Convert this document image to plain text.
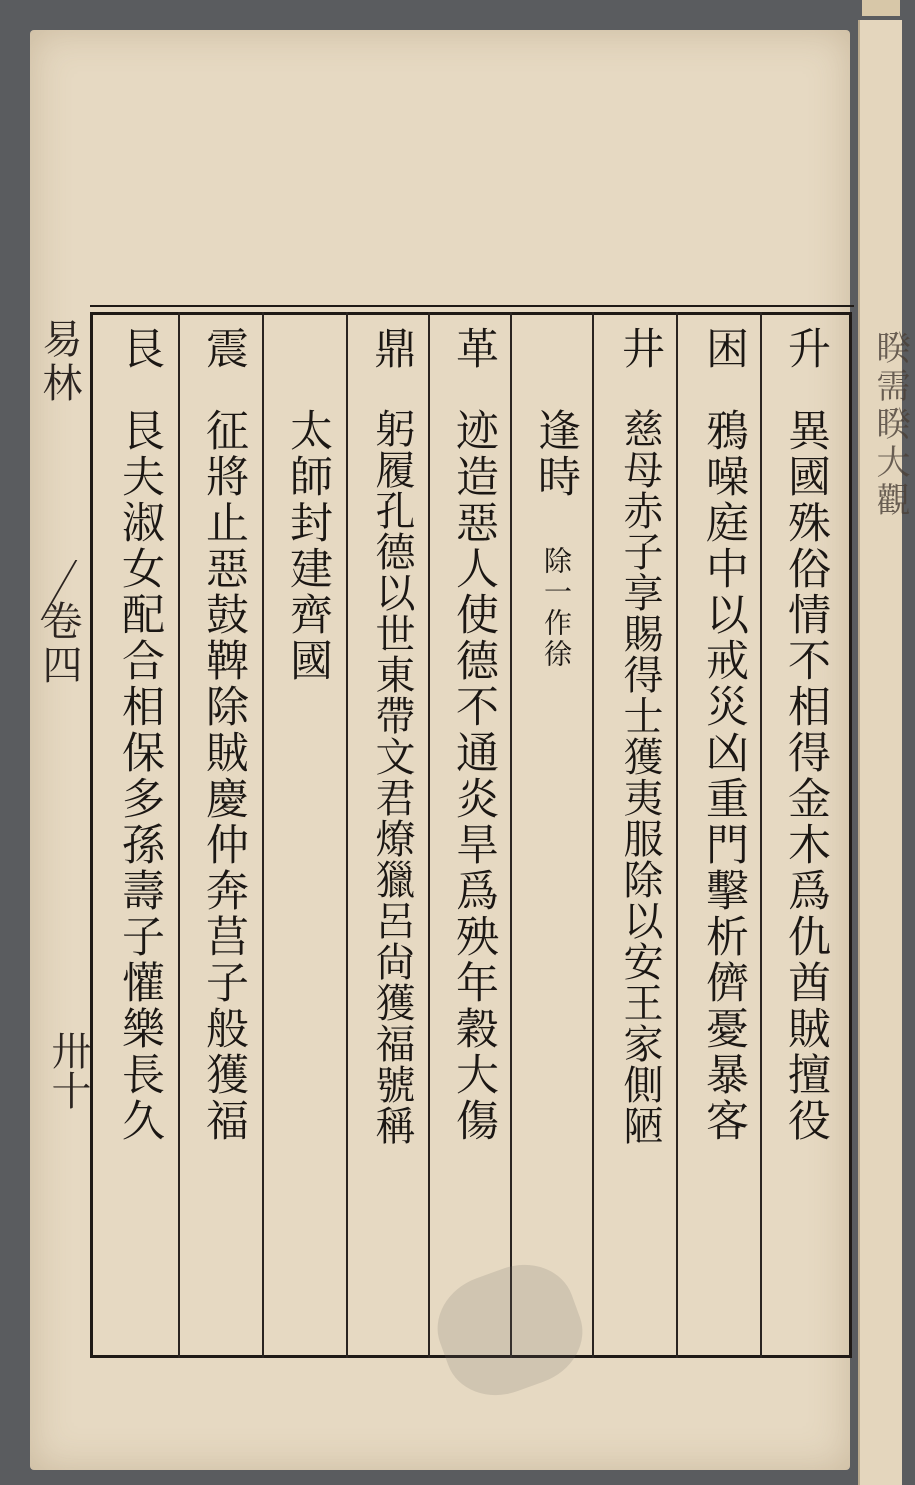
睽需睽大觀
易林
卷四
卅十
升
異國殊俗情不相得金木爲仇酋賊擅役
困
鴉噪庭中以戒災凶重門擊析儕憂暴客
井
慈母赤子享賜得士獲夷服除以安王家側陋
逢時
除一作徐
革
迹造惡人使德不通炎旱爲殃年穀大傷
鼎
躬履孔德以世東帶文君燎獵呂尙獲福號稱
太師封建齊國
震
征將止惡鼓鞞除賊慶仲奔莒子般獲福
艮
艮夫淑女配合相保多孫壽子懽樂長久
